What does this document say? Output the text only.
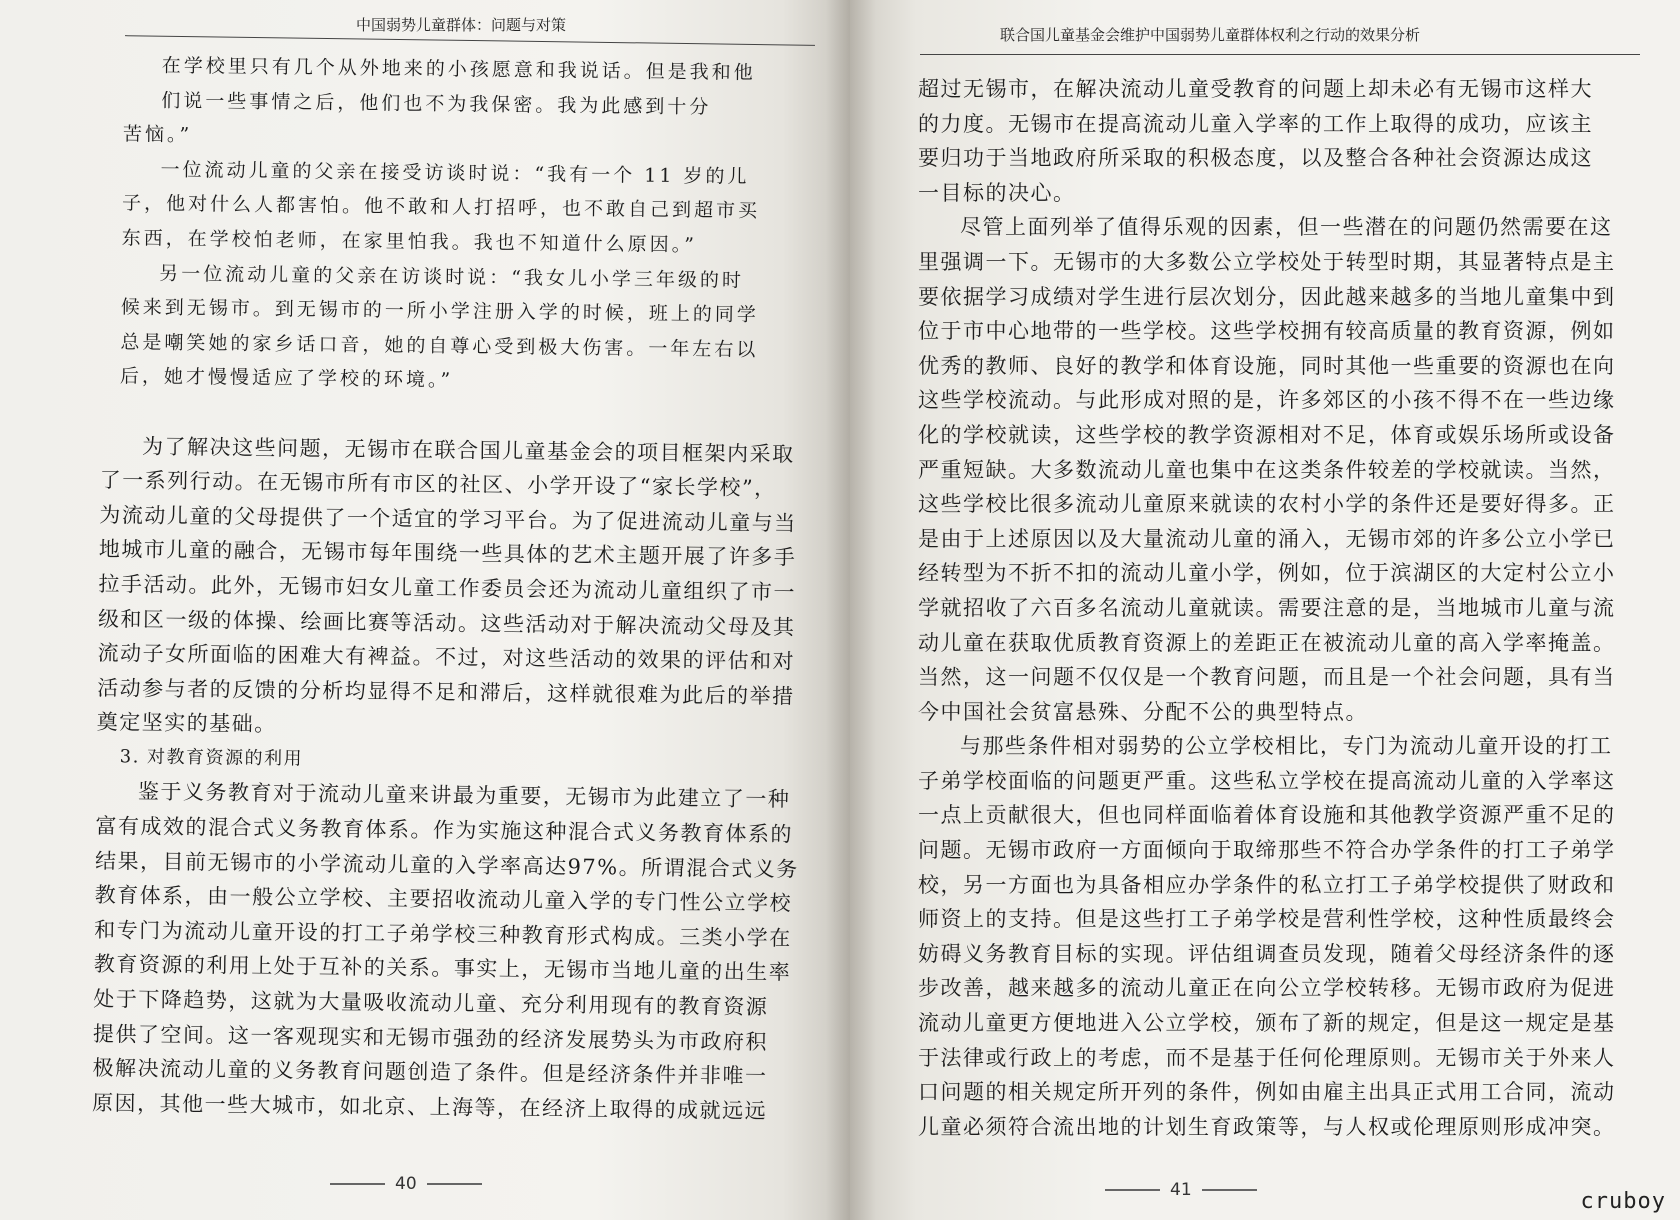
中国弱势儿童群体：问题与对策
在学校里只有几个从外地来的小孩愿意和我说话。但是我和他
们说一些事情之后，他们也不为我保密。我为此感到十分
苦恼。”
一位流动儿童的父亲在接受访谈时说：“我有一个 11 岁的儿
子，他对什么人都害怕。他不敢和人打招呼，也不敢自己到超市买
东西，在学校怕老师，在家里怕我。我也不知道什么原因。”
另一位流动儿童的父亲在访谈时说：“我女儿小学三年级的时
候来到无锡市。到无锡市的一所小学注册入学的时候，班上的同学
总是嘲笑她的家乡话口音，她的自尊心受到极大伤害。一年左右以
后，她才慢慢适应了学校的环境。”
为了解决这些问题，无锡市在联合国儿童基金会的项目框架内采取
了一系列行动。在无锡市所有市区的社区、小学开设了“家长学校”，
为流动儿童的父母提供了一个适宜的学习平台。为了促进流动儿童与当
地城市儿童的融合，无锡市每年围绕一些具体的艺术主题开展了许多手
拉手活动。此外，无锡市妇女儿童工作委员会还为流动儿童组织了市一
级和区一级的体操、绘画比赛等活动。这些活动对于解决流动父母及其
流动子女所面临的困难大有裨益。不过，对这些活动的效果的评估和对
活动参与者的反馈的分析均显得不足和滞后，这样就很难为此后的举措
奠定坚实的基础。
3. 对教育资源的利用
鉴于义务教育对于流动儿童来讲最为重要，无锡市为此建立了一种
富有成效的混合式义务教育体系。作为实施这种混合式义务教育体系的
结果，目前无锡市的小学流动儿童的入学率高达97%。所谓混合式义务
教育体系，由一般公立学校、主要招收流动儿童入学的专门性公立学校
和专门为流动儿童开设的打工子弟学校三种教育形式构成。三类小学在
教育资源的利用上处于互补的关系。事实上，无锡市当地儿童的出生率
处于下降趋势，这就为大量吸收流动儿童、充分利用现有的教育资源
提供了空间。这一客观现实和无锡市强劲的经济发展势头为市政府积
极解决流动儿童的义务教育问题创造了条件。但是经济条件并非唯一
原因，其他一些大城市，如北京、上海等，在经济上取得的成就远远
40
联合国儿童基金会维护中国弱势儿童群体权利之行动的效果分析
超过无锡市，在解决流动儿童受教育的问题上却未必有无锡市这样大
的力度。无锡市在提高流动儿童入学率的工作上取得的成功，应该主
要归功于当地政府所采取的积极态度，以及整合各种社会资源达成这
一目标的决心。
尽管上面列举了值得乐观的因素，但一些潜在的问题仍然需要在这
里强调一下。无锡市的大多数公立学校处于转型时期，其显著特点是主
要依据学习成绩对学生进行层次划分，因此越来越多的当地儿童集中到
位于市中心地带的一些学校。这些学校拥有较高质量的教育资源，例如
优秀的教师、良好的教学和体育设施，同时其他一些重要的资源也在向
这些学校流动。与此形成对照的是，许多郊区的小孩不得不在一些边缘
化的学校就读，这些学校的教学资源相对不足，体育或娱乐场所或设备
严重短缺。大多数流动儿童也集中在这类条件较差的学校就读。当然，
这些学校比很多流动儿童原来就读的农村小学的条件还是要好得多。正
是由于上述原因以及大量流动儿童的涌入，无锡市郊的许多公立小学已
经转型为不折不扣的流动儿童小学，例如，位于滨湖区的大定村公立小
学就招收了六百多名流动儿童就读。需要注意的是，当地城市儿童与流
动儿童在获取优质教育资源上的差距正在被流动儿童的高入学率掩盖。
当然，这一问题不仅仅是一个教育问题，而且是一个社会问题，具有当
今中国社会贫富悬殊、分配不公的典型特点。
与那些条件相对弱势的公立学校相比，专门为流动儿童开设的打工
子弟学校面临的问题更严重。这些私立学校在提高流动儿童的入学率这
一点上贡献很大，但也同样面临着体育设施和其他教学资源严重不足的
问题。无锡市政府一方面倾向于取缔那些不符合办学条件的打工子弟学
校，另一方面也为具备相应办学条件的私立打工子弟学校提供了财政和
师资上的支持。但是这些打工子弟学校是营利性学校，这种性质最终会
妨碍义务教育目标的实现。评估组调查员发现，随着父母经济条件的逐
步改善，越来越多的流动儿童正在向公立学校转移。无锡市政府为促进
流动儿童更方便地进入公立学校，颁布了新的规定，但是这一规定是基
于法律或行政上的考虑，而不是基于任何伦理原则。无锡市关于外来人
口问题的相关规定所开列的条件，例如由雇主出具正式用工合同，流动
儿童必须符合流出地的计划生育政策等，与人权或伦理原则形成冲突。
41	cruboy
